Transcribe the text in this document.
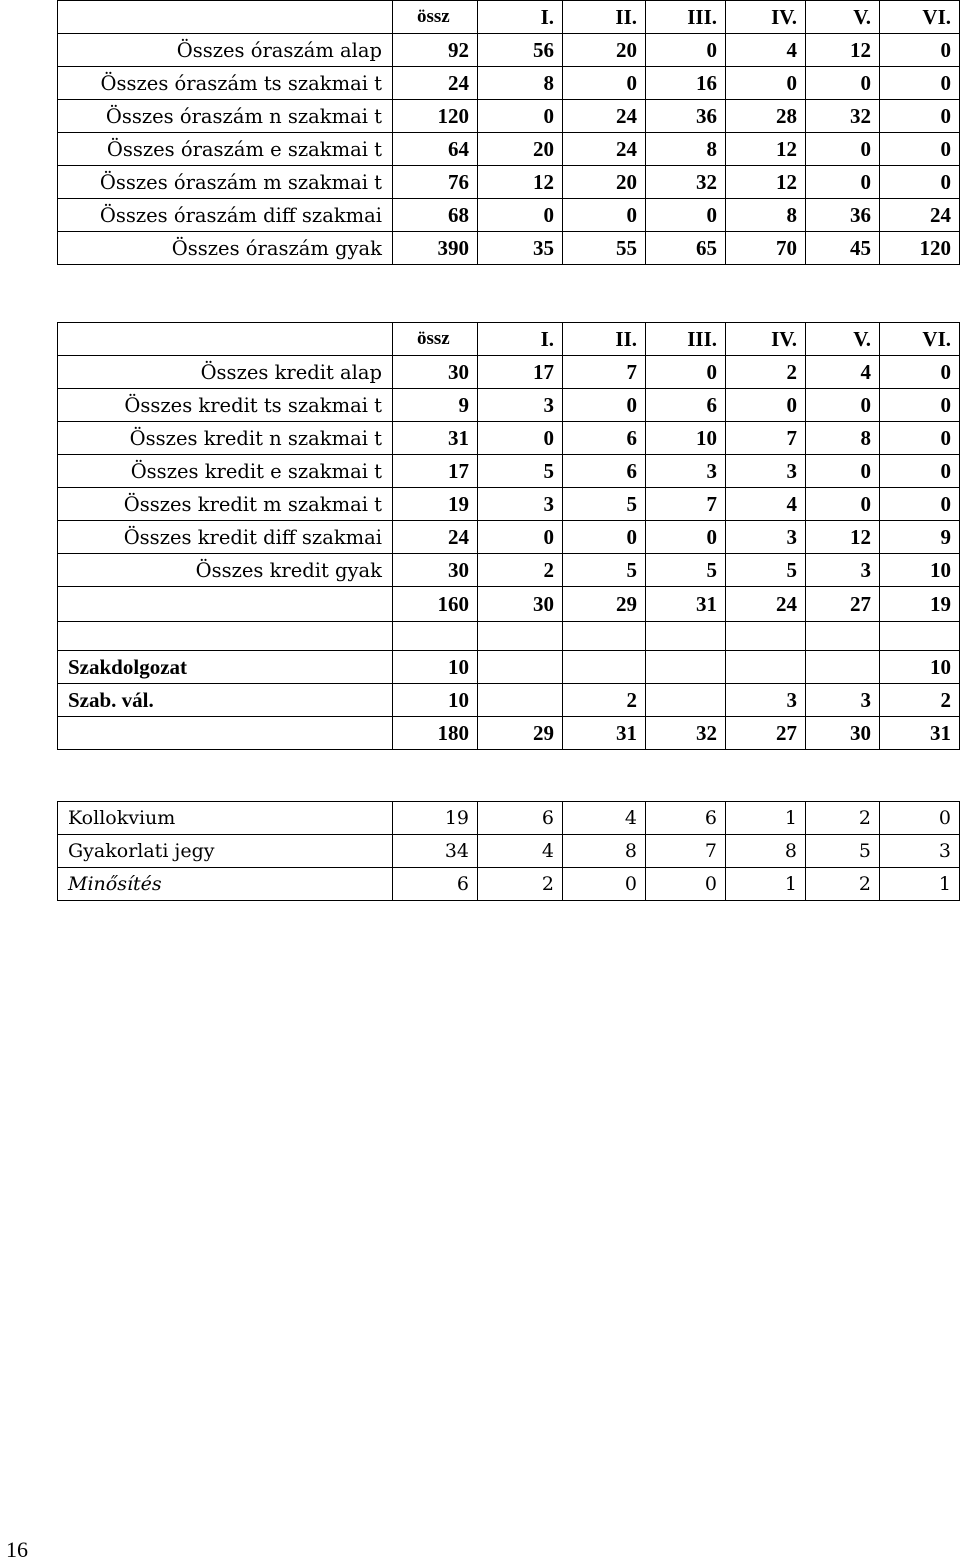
	össz	I.	II.	III.	IV.	V.	VI.
Összes óraszám alap	92	56	20	0	4	12	0
Összes óraszám ts szakmai t	24	8	0	16	0	0	0
Összes óraszám n szakmai t	120	0	24	36	28	32	0
Összes óraszám e szakmai t	64	20	24	8	12	0	0
Összes óraszám m szakmai t	76	12	20	32	12	0	0
Összes óraszám diff szakmai	68	0	0	0	8	36	24
Összes óraszám gyak	390	35	55	65	70	45	120
	össz	I.	II.	III.	IV.	V.	VI.
Összes kredit alap	30	17	7	0	2	4	0
Összes kredit ts szakmai t	9	3	0	6	0	0	0
Összes kredit n szakmai t	31	0	6	10	7	8	0
Összes kredit e szakmai t	17	5	6	3	3	0	0
Összes kredit m szakmai t	19	3	5	7	4	0	0
Összes kredit diff szakmai	24	0	0	0	3	12	9
Összes kredit gyak	30	2	5	5	5	3	10
	160	30	29	31	24	27	19

Szakdolgozat	10						10
Szab. vál.	10		2		3	3	2
	180	29	31	32	27	30	31
Kollokvium	19	6	4	6	1	2	0
Gyakorlati jegy	34	4	8	7	8	5	3
Minősítés	6	2	0	0	1	2	1
16
